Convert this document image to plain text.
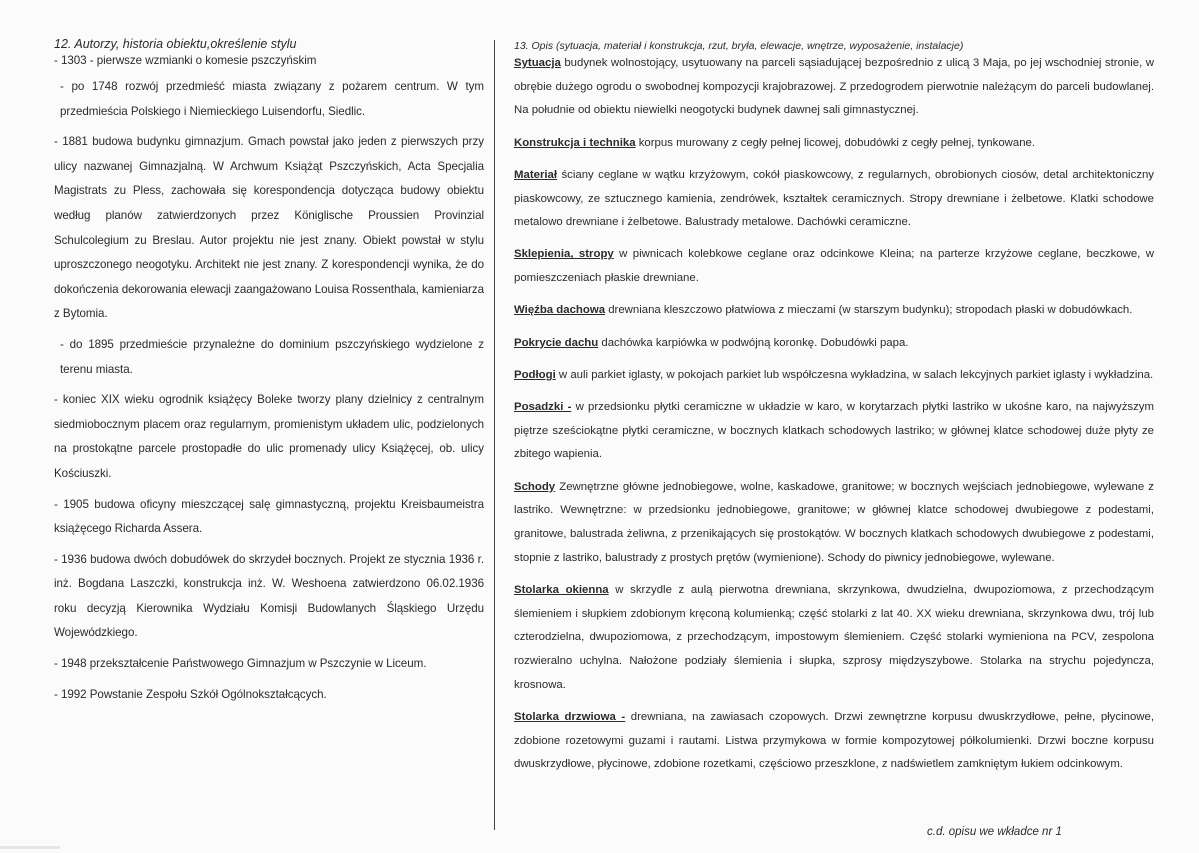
12. Autorzy, historia obiektu,określenie stylu

- 1303 - pierwsze wzmianki o komesie pszczyńskim

- po 1748 rozwój przedmieść miasta związany z pożarem centrum. W tym przedmieścia Polskiego i Niemieckiego Luisendorfu, Siedlic.

- 1881 budowa budynku gimnazjum. Gmach powstał jako jeden z pierwszych przy ulicy nazwanej Gimnazjalną. W Archwum Książąt Pszczyńskich, Acta Specjalia Magistrats zu Pless, zachowała się korespondencja dotycząca budowy obiektu według planów zatwierdzonych przez Königlische Proussien Provinzial Schulcolegium zu Breslau. Autor projektu nie jest znany. Obiekt powstał w stylu uproszczonego neogotyku. Architekt nie jest znany. Z korespondencji wynika, że do dokończenia dekorowania elewacji zaangażowano Louisa Rossenthala, kamieniarza z Bytomia.

- do 1895 przedmieście przynależne do dominium pszczyńskiego wydzielone z terenu miasta.

- koniec XIX wieku ogrodnik książęcy Boleke tworzy plany dzielnicy z centralnym siedmiobocznym placem oraz regularnym, promienistym układem ulic, podzielonych na prostokątne parcele prostopadłe do ulic promenady ulicy Książęcej, ob. ulicy Kościuszki.

- 1905 budowa oficyny mieszczącej salę gimnastyczną, projektu Kreisbaumeistra książęcego Richarda Assera.

- 1936 budowa dwóch dobudówek do skrzydeł bocznych. Projekt ze stycznia 1936 r. inż. Bogdana Laszczki, konstrukcja inż. W. Weshoena zatwierdzono 06.02.1936 roku decyzją Kierownika Wydziału Komisji Budowlanych Śląskiego Urzędu Wojewódzkiego.

- 1948 przekształcenie Państwowego Gimnazjum w Pszczynie w Liceum.

- 1992 Powstanie Zespołu Szkół Ogólnokształcących.

13. Opis (sytuacja, materiał i konstrukcja, rzut, bryła, elewacje, wnętrze, wyposażenie, instalacje)

Sytuacja budynek wolnostojący, usytuowany na parceli sąsiadującej bezpośrednio z ulicą 3 Maja, po jej wschodniej stronie, w obrębie dużego ogrodu o swobodnej kompozycji krajobrazowej. Z przedogrodem pierwotnie należącym do parceli budowlanej. Na południe od obiektu niewielki neogotycki budynek dawnej sali gimnastycznej.

Konstrukcja i technika korpus murowany z cegły pełnej licowej, dobudówki z cegły pełnej, tynkowane.

Materiał ściany ceglane w wątku krzyżowym, cokół piaskowcowy, z regularnych, obrobionych ciosów, detal architektoniczny piaskowcowy, ze sztucznego kamienia, zendrówek, kształtek ceramicznych. Stropy drewniane i żelbetowe. Klatki schodowe metalowo drewniane i żelbetowe. Balustrady metalowe. Dachówki ceramiczne.

Sklepienia, stropy w piwnicach kolebkowe ceglane oraz odcinkowe Kleina; na parterze krzyżowe ceglane, beczkowe, w pomieszczeniach płaskie drewniane.

Więźba dachowa drewniana kleszczowo płatwiowa z mieczami (w starszym budynku); stropodach płaski w dobudówkach.

Pokrycie dachu dachówka karpiówka w podwójną koronkę. Dobudówki papa.

Podłogi w auli parkiet iglasty, w pokojach parkiet lub współczesna wykładzina, w salach lekcyjnych parkiet iglasty i wykładzina.

Posadzki - w przedsionku płytki ceramiczne w układzie w karo, w korytarzach płytki lastriko w ukośne karo, na najwyższym piętrze sześciokątne płytki ceramiczne, w bocznych klatkach schodowych lastriko; w głównej klatce schodowej duże płyty ze zbitego wapienia.

Schody Zewnętrzne główne jednobiegowe, wolne, kaskadowe, granitowe; w bocznych wejściach jednobiegowe, wylewane z lastriko. Wewnętrzne: w przedsionku jednobiegowe, granitowe; w głównej klatce schodowej dwubiegowe z podestami, granitowe, balustrada żeliwna, z przenikających się prostokątów. W bocznych klatkach schodowych dwubiegowe z podestami, stopnie z lastriko, balustrady z prostych prętów (wymienione). Schody do piwnicy jednobiegowe, wylewane.

Stolarka okienna w skrzydle z aulą pierwotna drewniana, skrzynkowa, dwudzielna, dwupoziomowa, z przechodzącym ślemieniem i słupkiem zdobionym kręconą kolumienką; część stolarki z lat 40. XX wieku drewniana, skrzynkowa dwu, trój lub czterodzielna, dwupoziomowa, z przechodzącym, impostowym ślemieniem. Część stolarki wymieniona na PCV, zespolona rozwieralno uchylna. Nałożone podziały ślemienia i słupka, szprosy międzyszybowe. Stolarka na strychu pojedyncza, krosnowa.

Stolarka drzwiowa - drewniana, na zawiasach czopowych. Drzwi zewnętrzne korpusu dwuskrzydłowe, pełne, płycinowe, zdobione rozetowymi guzami i rautami. Listwa przymykowa w formie kompozytowej półkolumienki. Drzwi boczne korpusu dwuskrzydłowe, płycinowe, zdobione rozetkami, częściowo przeszklone, z nadświetlem zamkniętym łukiem odcinkowym.

c.d. opisu we wkładce nr 1
